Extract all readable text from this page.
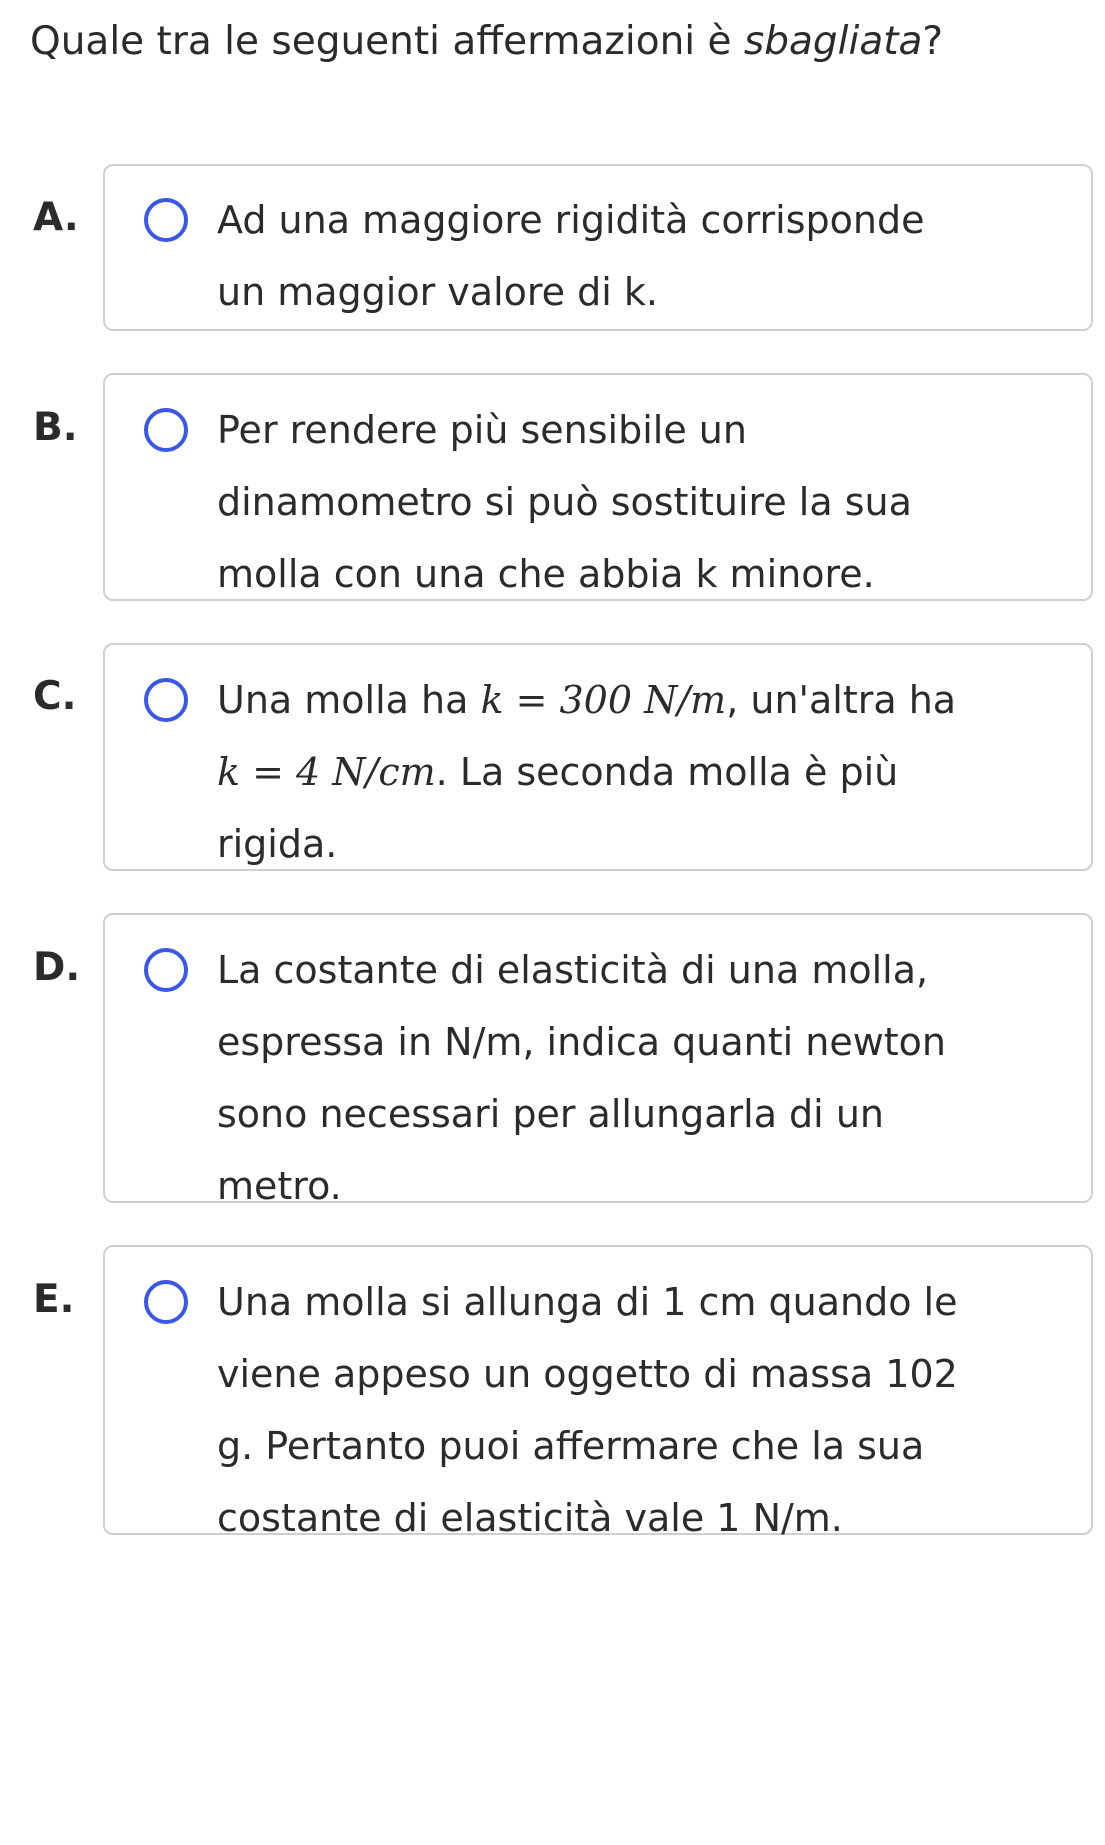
Quale tra le seguenti affermazioni è sbagliata?
A.	Ad una maggiore rigidità corrisponde
un maggior valore di k.
B.	Per rendere più sensibile un
dinamometro si può sostituire la sua
molla con una che abbia k minore.
C.	Una molla ha k = 300 N/m, un'altra ha
k = 4 N/cm. La seconda molla è più
rigida.
D.	La costante di elasticità di una molla,
espressa in N/m, indica quanti newton
sono necessari per allungarla di un
metro.
E.	Una molla si allunga di 1 cm quando le
viene appeso un oggetto di massa 102
g. Pertanto puoi affermare che la sua
costante di elasticità vale 1 N/m.
